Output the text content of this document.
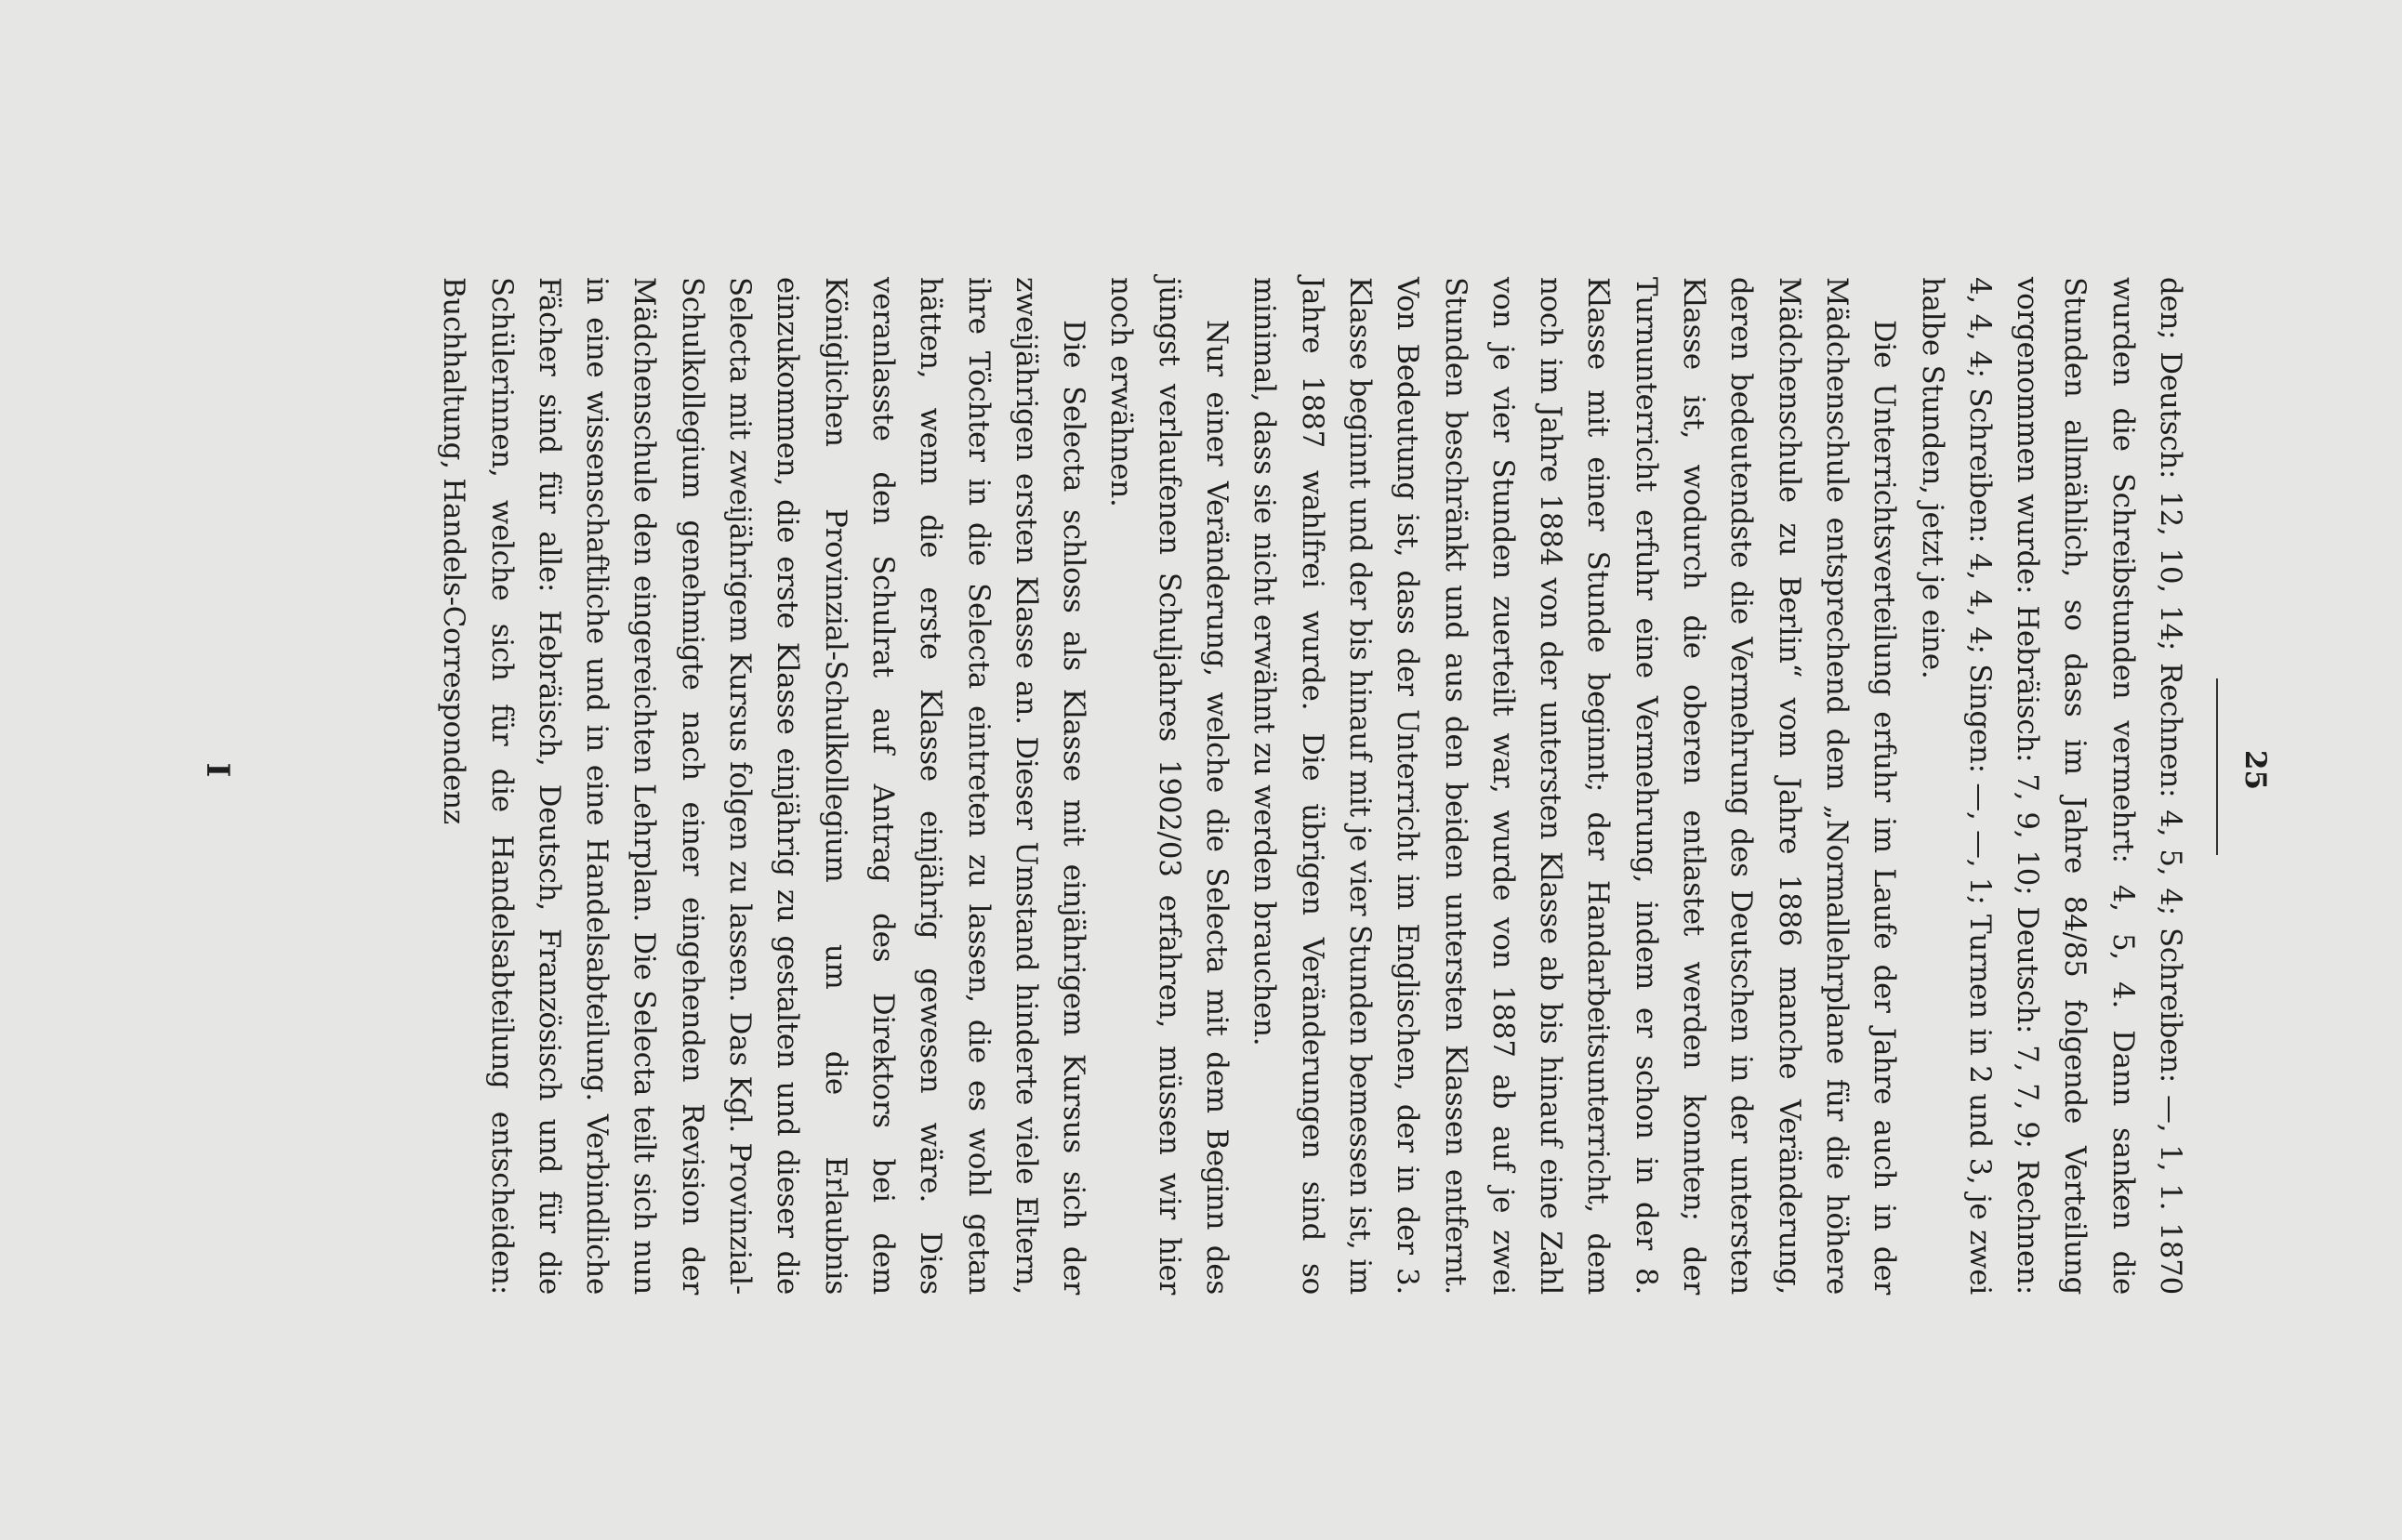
25

den; Deutsch: 12, 10, 14; Rechnen: 4, 5, 4; Schreiben: —, 1, 1. 1870 wurden die Schreibstunden vermehrt: 4, 5, 4. Dann sanken die Stunden allmählich, so dass im Jahre 84/85 folgende Verteilung vorgenommen wurde: Hebräisch: 7, 9, 10; Deutsch: 7, 7, 9; Rechnen: 4, 4, 4; Schreiben: 4, 4, 4; Singen: —, —, 1; Turnen in 2 und 3, je zwei halbe Stunden, jetzt je eine.

Die Unterrichtsverteilung erfuhr im Laufe der Jahre auch in der Mädchenschule entsprechend dem „Normallehrplane für die höhere Mädchenschule zu Berlin“ vom Jahre 1886 manche Veränderung, deren bedeutendste die Vermehrung des Deutschen in der untersten Klasse ist, wodurch die oberen entlastet werden konnten; der Turnunterricht erfuhr eine Vermehrung, indem er schon in der 8. Klasse mit einer Stunde beginnt; der Handarbeitsunterricht, dem noch im Jahre 1884 von der untersten Klasse ab bis hinauf eine Zahl von je vier Stunden zuerteilt war, wurde von 1887 ab auf je zwei Stunden beschränkt und aus den beiden untersten Klassen entfernt. Von Bedeutung ist, dass der Unterricht im Englischen, der in der 3. Klasse beginnt und der bis hinauf mit je vier Stunden bemessen ist, im Jahre 1887 wahlfrei wurde. Die übrigen Veränderungen sind so minimal, dass sie nicht erwähnt zu werden brauchen.

Nur einer Veränderung, welche die Selecta mit dem Beginn des jüngst verlaufenen Schuljahres 1902/03 erfahren, müssen wir hier noch erwähnen.

Die Selecta schloss als Klasse mit einjährigem Kursus sich der zweijährigen ersten Klasse an. Dieser Umstand hinderte viele Eltern, ihre Töchter in die Selecta eintreten zu lassen, die es wohl getan hätten, wenn die erste Klasse einjährig gewesen wäre. Dies veranlasste den Schulrat auf Antrag des Direktors bei dem Königlichen Provinzial-Schulkollegium um die Erlaubnis einzukommen, die erste Klasse einjährig zu gestalten und dieser die Selecta mit zweijährigem Kursus folgen zu lassen. Das Kgl. Provinzial-Schulkollegium genehmigte nach einer eingehenden Revision der Mädchenschule den eingereichten Lehrplan. Die Selecta teilt sich nun in eine wissenschaftliche und in eine Handelsabteilung. Verbindliche Fächer sind für alle: Hebräisch, Deutsch, Französisch und für die Schülerinnen, welche sich für die Handelsabteilung entscheiden: Buchhaltung, Handels-Correspondenz

I
